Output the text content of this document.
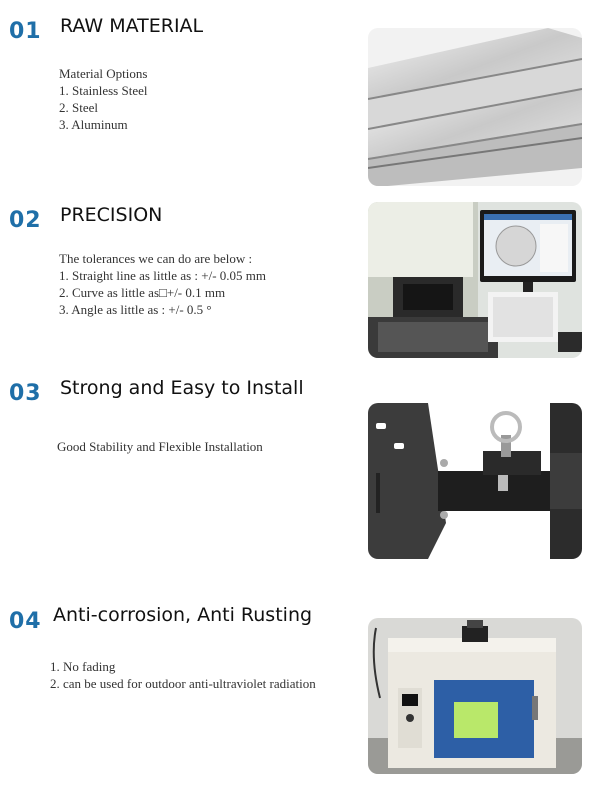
01 RAW MATERIAL
Material Options
1. Stainless Steel
2. Steel
3. Aluminum
02 PRECISION
The tolerances we can do are below :
1. Straight line as little as : +/- 0.05 mm
2. Curve as little as□+/- 0.1 mm
3. Angle as little as : +/- 0.5 °
03 Strong and Easy to Install
Good Stability and Flexible Installation
04 Anti-corrosion, Anti Rusting
1. No fading
2. can be used for outdoor anti-ultraviolet radiation
